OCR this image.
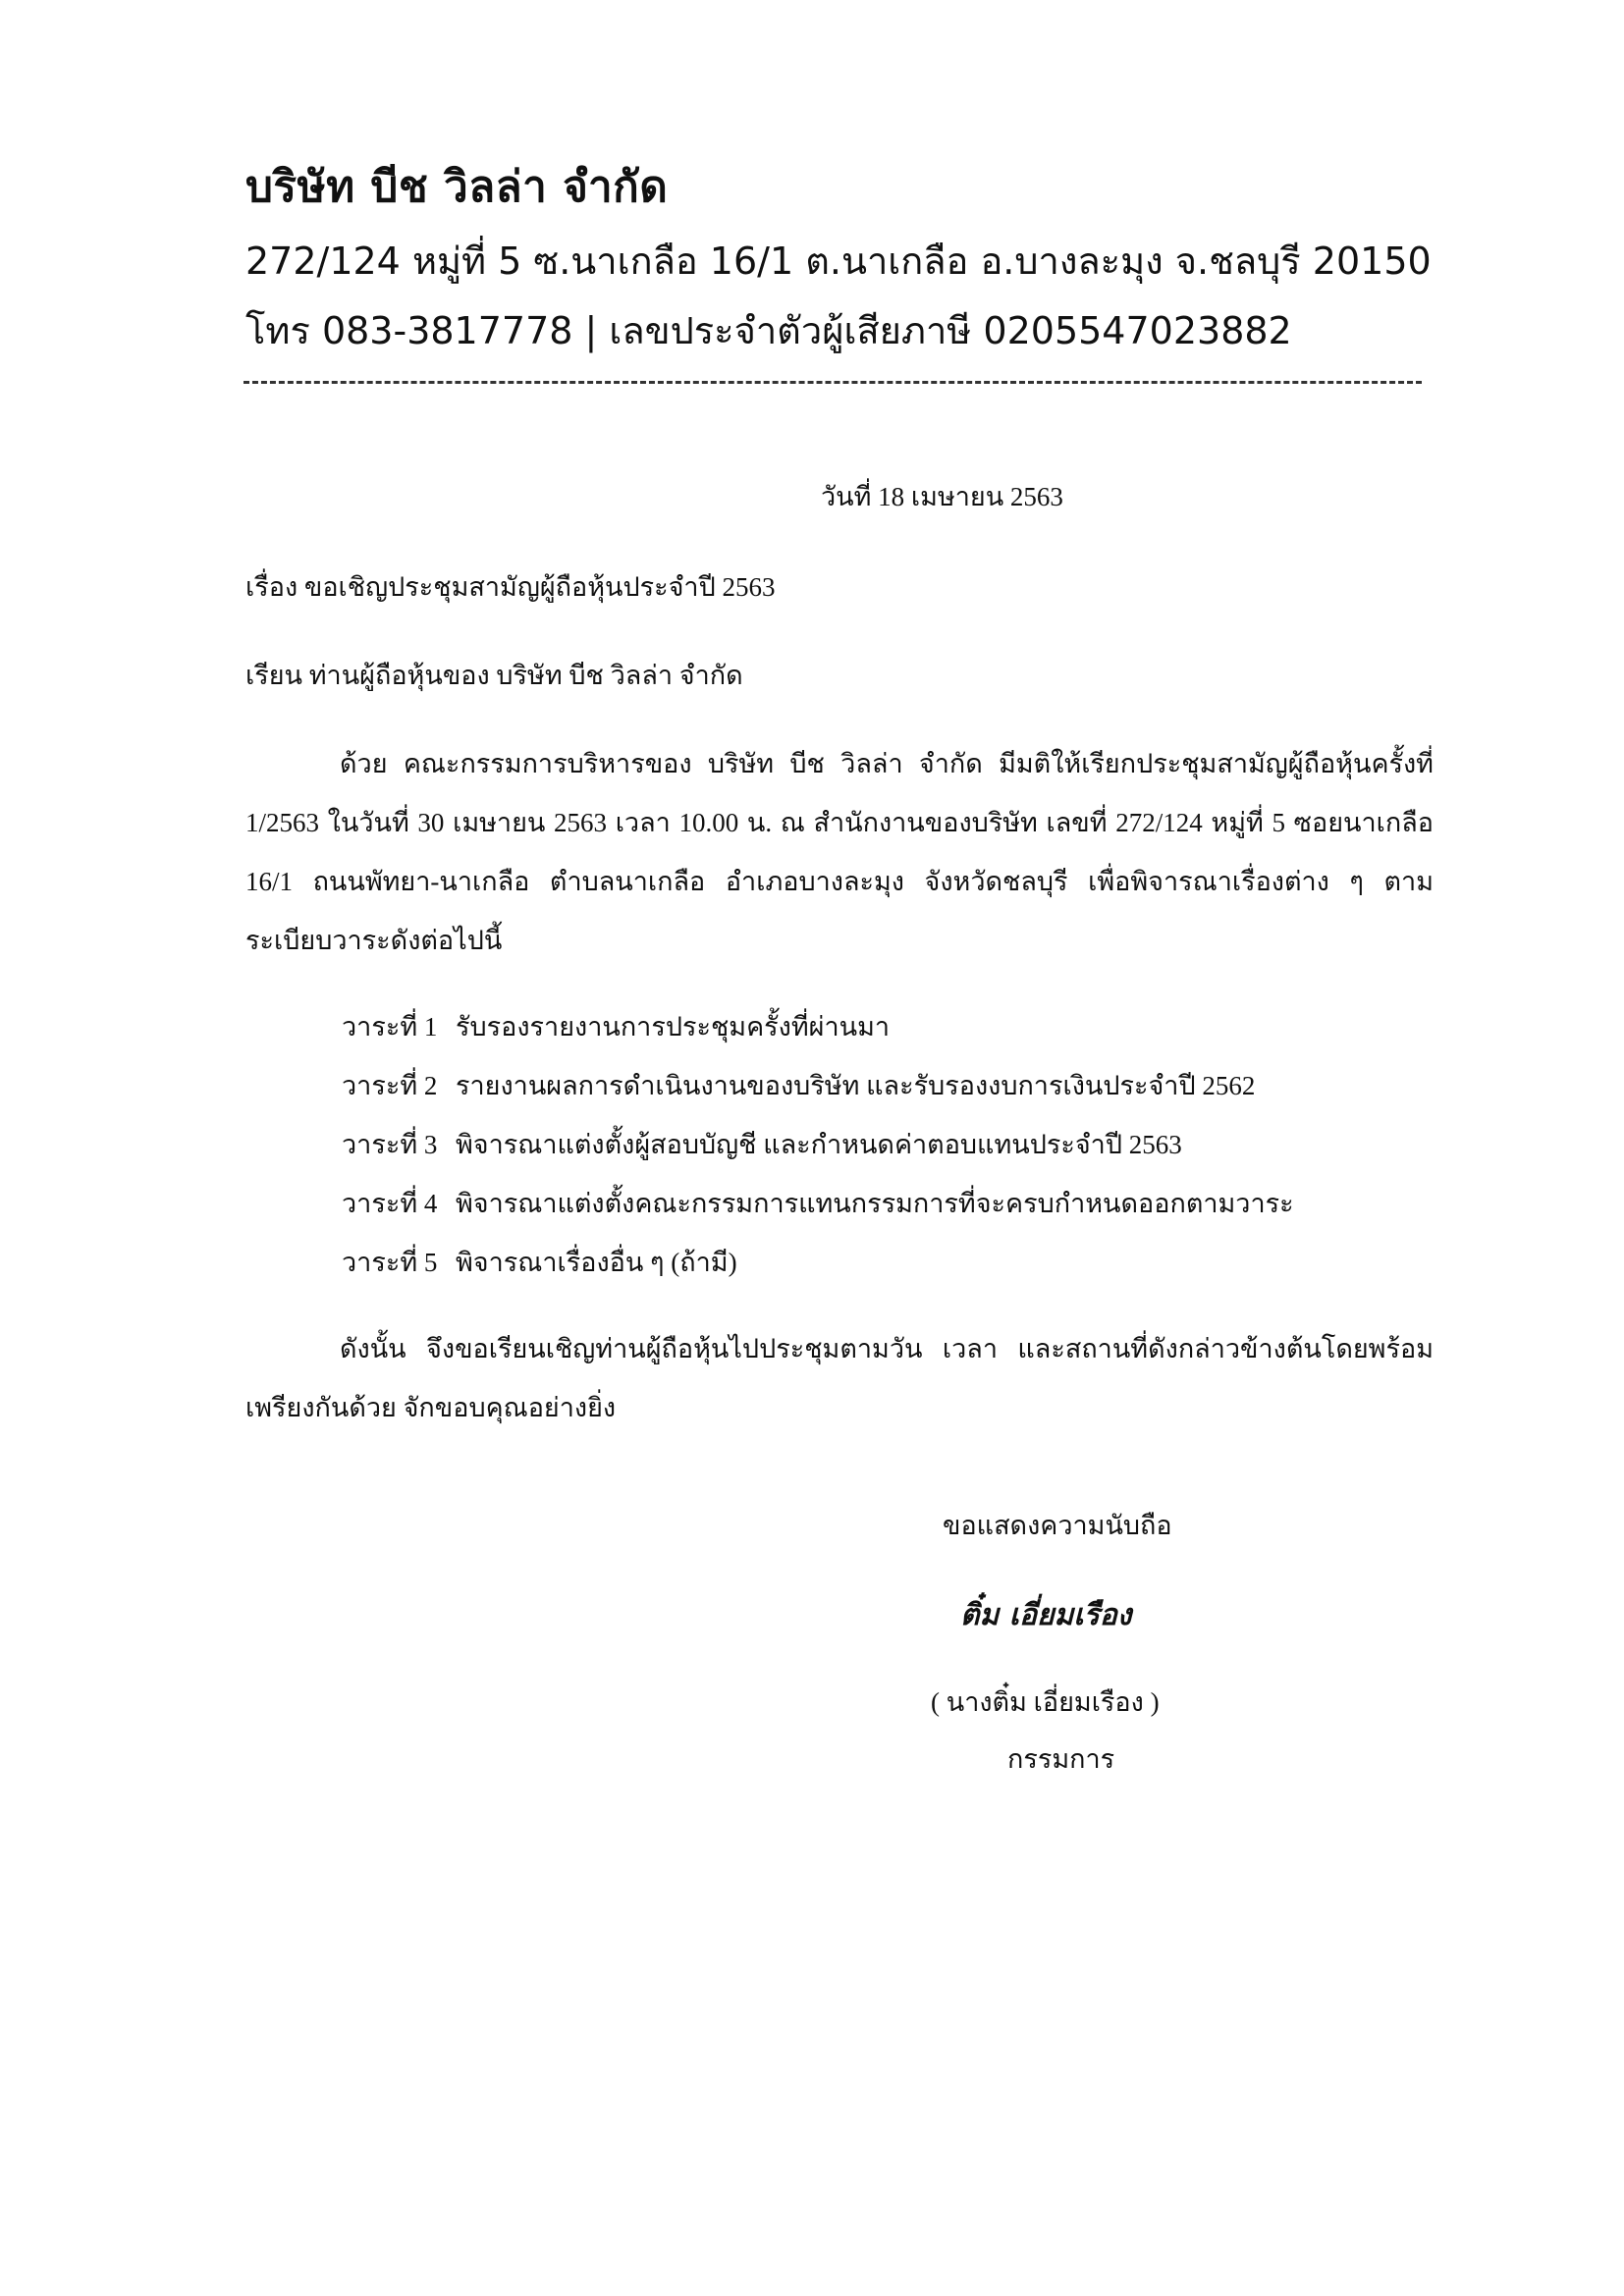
บริษัท บีช วิลล่า จำกัด

272/124 หมู่ที่ 5 ซ.นาเกลือ 16/1 ต.นาเกลือ อ.บางละมุง จ.ชลบุรี 20150

โทร 083-3817778 | เลขประจำตัวผู้เสียภาษี 0205547023882

วันที่ 18 เมษายน 2563
เรื่อง ขอเชิญประชุมสามัญผู้ถือหุ้นประจำปี 2563
เรียน ท่านผู้ถือหุ้นของ บริษัท บีช วิลล่า จำกัด
ด้วย คณะกรรมการบริหารของ บริษัท บีช วิลล่า จำกัด มีมติให้เรียกประชุมสามัญผู้ถือหุ้นครั้งที่ 1/2563 ในวันที่ 30 เมษายน 2563 เวลา 10.00 น. ณ สำนักงานของบริษัท เลขที่ 272/124 หมู่ที่ 5 ซอยนาเกลือ 16/1 ถนนพัทยา-นาเกลือ ตำบลนาเกลือ อำเภอบางละมุง จังหวัดชลบุรี เพื่อพิจารณาเรื่องต่าง ๆ ตามระเบียบวาระดังต่อไปนี้
วาระที่ 1 รับรองรายงานการประชุมครั้งที่ผ่านมา
วาระที่ 2 รายงานผลการดำเนินงานของบริษัท และรับรองงบการเงินประจำปี 2562
วาระที่ 3 พิจารณาแต่งตั้งผู้สอบบัญชี และกำหนดค่าตอบแทนประจำปี 2563
วาระที่ 4 พิจารณาแต่งตั้งคณะกรรมการแทนกรรมการที่จะครบกำหนดออกตามวาระ
วาระที่ 5 พิจารณาเรื่องอื่น ๆ (ถ้ามี)
ดังนั้น จึงขอเรียนเชิญท่านผู้ถือหุ้นไปประชุมตามวัน เวลา และสถานที่ดังกล่าวข้างต้นโดยพร้อมเพรียงกันด้วย จักขอบคุณอย่างยิ่ง
ขอแสดงความนับถือ
ติ๋ม เอี่ยมเรือง
( นางติ๋ม เอี่ยมเรือง )
กรรมการ
